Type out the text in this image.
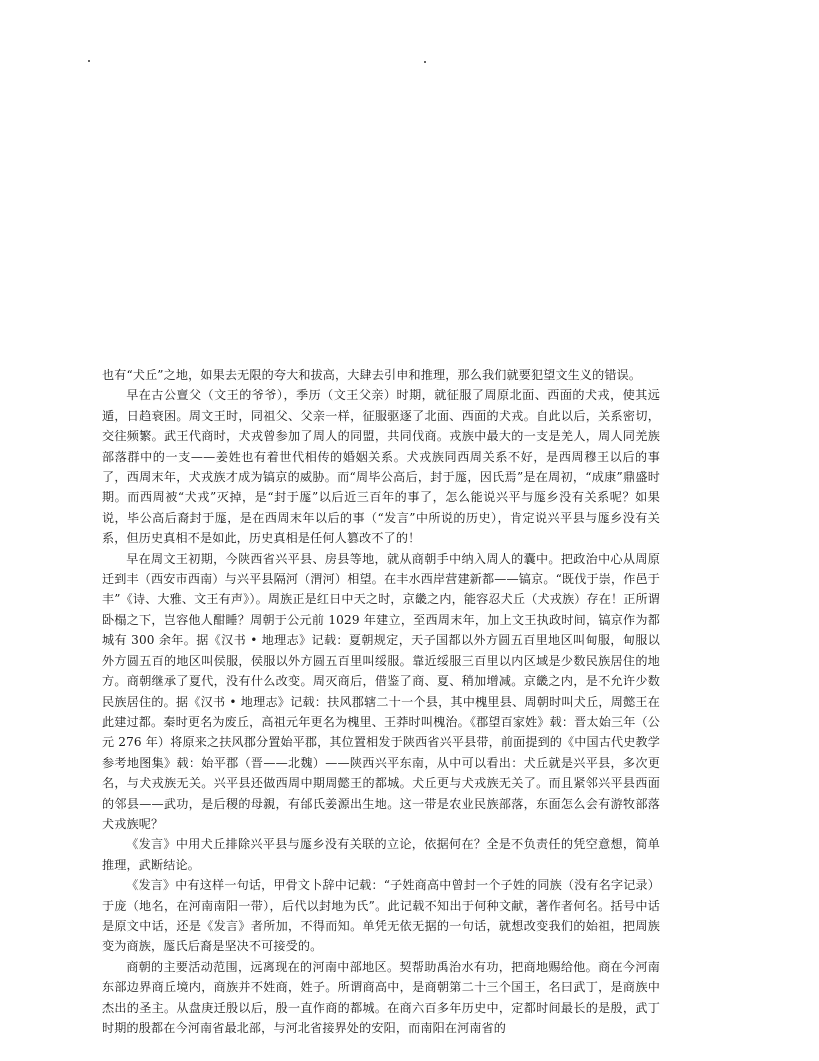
也有“犬丘”之地，如果去无限的夸大和拔高，大肆去引申和推理，那么我们就要犯望文生义的错误。

早在古公亶父（文王的爷爷），季历（文王父亲）时期，就征服了周原北面、西面的犬戎，使其远遁，日趋衰困。周文王时，同祖父、父亲一样，征服驱逐了北面、西面的犬戎。自此以后，关系密切，交往频繁。武王代商时，犬戎曾参加了周人的同盟，共同伐商。戎族中最大的一支是羌人，周人同羌族部落群中的一支——姜姓也有着世代相传的婚姻关系。犬戎族同西周关系不好，是西周穆王以后的事了，西周末年，犬戎族才成为镐京的威胁。而“周毕公高后，封于厖，因氏焉”是在周初，“成康”鼎盛时期。而西周被“犬戎”灭掉，是“封于厖”以后近三百年的事了，怎么能说兴平与厖乡没有关系呢？如果说，毕公高后裔封于厖，是在西周末年以后的事（“发言”中所说的历史），肯定说兴平县与厖乡没有关系，但历史真相不是如此，历史真相是任何人篡改不了的！

早在周文王初期，今陕西省兴平县、房县等地，就从商朝手中纳入周人的囊中。把政治中心从周原迁到丰（西安市西南）与兴平县隔河（渭河）相望。在丰水西岸营建新都——镐京。“既伐于崇，作邑于丰”《诗、大雅、文王有声》）。周族正是红日中天之时，京畿之内，能容忍犬丘（犬戎族）存在！正所谓卧榻之下，岂容他人酣睡？周朝于公元前 1029 年建立，至西周末年，加上文王执政时间，镐京作为都城有 300 余年。据《汉书 • 地理志》记载：夏朝规定，天子国都以外方圆五百里地区叫甸服，甸服以外方圆五百的地区叫侯服，侯服以外方圆五百里叫绥服。靠近绥服三百里以内区域是少数民族居住的地方。商朝继承了夏代，没有什么改变。周灭商后，借鉴了商、夏、稍加增减。京畿之内，是不允许少数民族居住的。据《汉书 • 地理志》记载：扶风郡辖二十一个县，其中槐里县、周朝时叫犬丘，周懿王在此建过都。秦时更名为废丘，高祖元年更名为槐里、王莽时叫槐治。《郡望百家姓》载：晋太始三年（公元 276 年）将原来之扶风郡分置始平郡，其位置相发于陕西省兴平县带，前面提到的《中国古代史教学参考地图集》载：始平郡（晋——北魏）——陕西兴平东南，从中可以看出：犬丘就是兴平县，多次更名，与犬戎族无关。兴平县还做西周中期周懿王的都城。犬丘更与犬戎族无关了。而且紧邻兴平县西面的邻县——武功，是后稷的母親，有邰氏姜源出生地。这一带是农业民族部落，东面怎么会有游牧部落犬戎族呢？

《发言》中用犬丘排除兴平县与厖乡没有关联的立论，依据何在？全是不负责任的凭空意想，简单推理，武断结论。

《发言》中有这样一句话，甲骨文卜辞中记载：“子姓商高中曾封一个子姓的同族（没有名字记录）于庞（地名，在河南南阳一带），后代以封地为氏”。此记载不知出于何种文献，著作者何名。括号中话是原文中话，还是《发言》者所加，不得而知。单凭无依无据的一句话，就想改变我们的始祖，把周族变为商族，厖氏后裔是坚决不可接受的。

商朝的主要活动范围，远离现在的河南中部地区。契帮助禹治水有功，把商地赐给他。商在今河南东部边界商丘境内，商族并不姓商，姓子。所谓商高中，是商朝第二十三个国王，名曰武丁，是商族中杰出的圣主。从盘庚迁殷以后，殷一直作商的都城。在商六百多年历史中，定都时间最长的是殷，武丁时期的殷都在今河南省最北部，与河北省接界处的安阳，而南阳在河南省的
